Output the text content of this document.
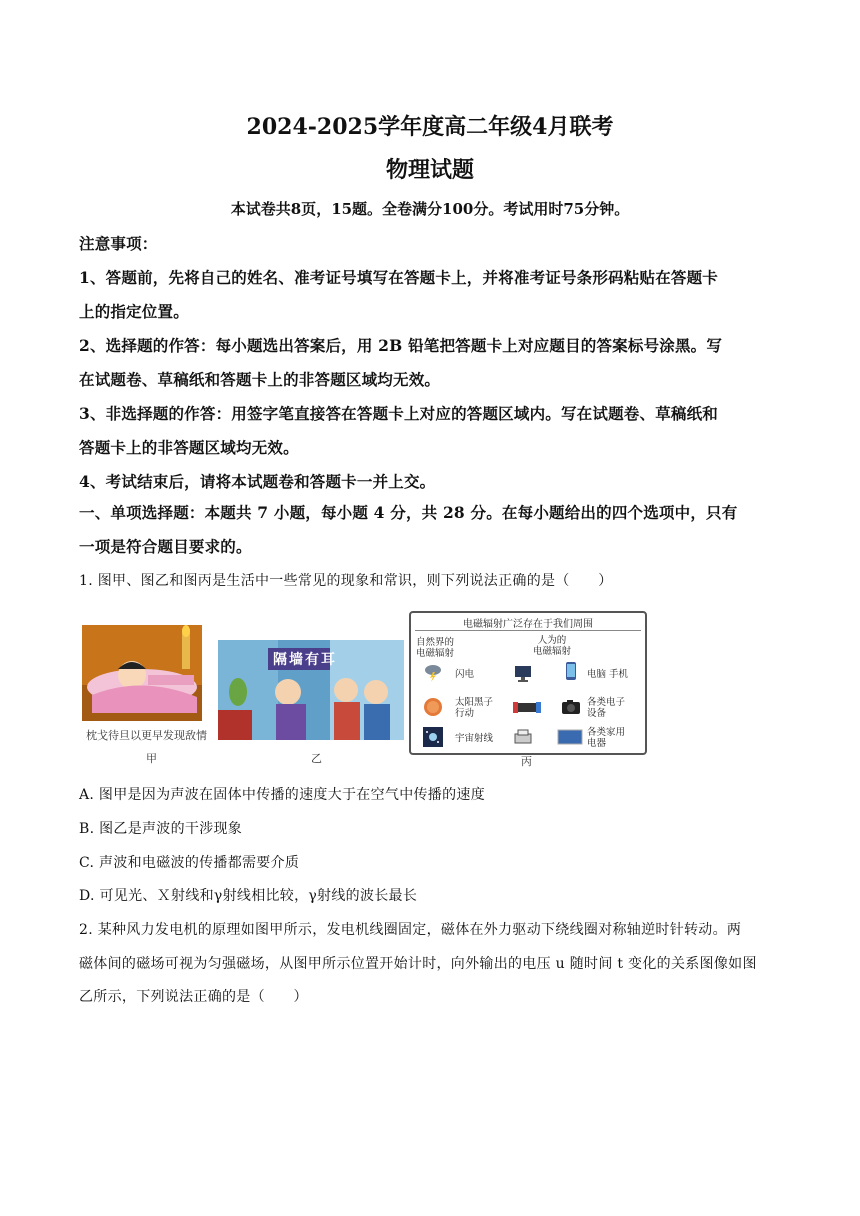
2024-2025学年度高二年级4月联考
物理试题
本试卷共8页，15题。全卷满分100分。考试用时75分钟。
注意事项：
1、答题前，先将自己的姓名、准考证号填写在答题卡上，并将准考证号条形码粘贴在答题卡
上的指定位置。
2、选择题的作答：每小题选出答案后，用 2B 铅笔把答题卡上对应题目的答案标号涂黑。写
在试题卷、草稿纸和答题卡上的非答题区域均无效。
3、非选择题的作答：用签字笔直接答在答题卡上对应的答题区域内。写在试题卷、草稿纸和
答题卡上的非答题区域均无效。
4、考试结束后，请将本试题卷和答题卡一并上交。
一、单项选择题：本题共 7 小题，每小题 4 分，共 28 分。在每小题给出的四个选项中，只有
一项是符合题目要求的。
1. 图甲、图乙和图丙是生活中一些常见的现象和常识，则下列说法正确的是（　　）
枕戈待旦以更早发现敌情
甲
隔墙有耳
乙
电磁辐射广泛存在于我们周围
自然界的
电磁辐射
人为的
电磁辐射
闪电
太阳黑子
行动
宇宙射线
电脑 手机
各类电子
设备
各类家用
电器
丙
A. 图甲是因为声波在固体中传播的速度大于在空气中传播的速度
B. 图乙是声波的干涉现象
C. 声波和电磁波的传播都需要介质
D. 可见光、Ｘ射线和γ射线相比较，γ射线的波长最长
2. 某种风力发电机的原理如图甲所示，发电机线圈固定，磁体在外力驱动下绕线圈对称轴逆时针转动。两
磁体间的磁场可视为匀强磁场，从图甲所示位置开始计时，向外输出的电压 u 随时间 t 变化的关系图像如图
乙所示，下列说法正确的是（　　）
